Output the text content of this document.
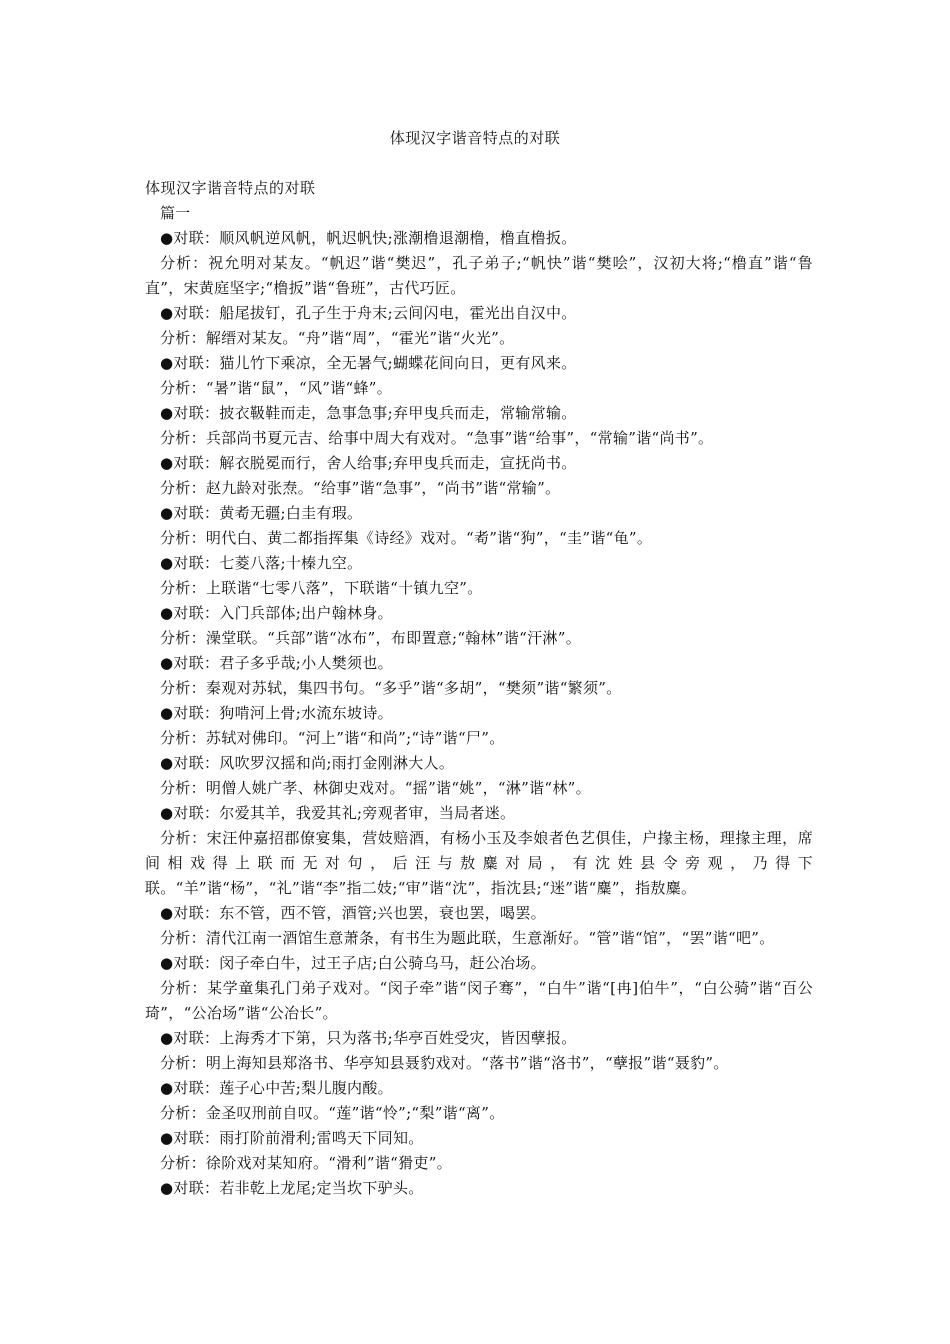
体现汉字谐音特点的对联
体现汉字谐音特点的对联
篇一
●对联：顺风帆逆风帆，帆迟帆快;涨潮橹退潮橹，橹直橹扳。
分析：祝允明对某友。“帆迟”谐“樊迟”，孔子弟子;“帆快”谐“樊哙”，汉初大将;“橹直”谐“鲁直”，宋黄庭坚字;“橹扳”谐“鲁班”，古代巧匠。
●对联：船尾拔钉，孔子生于舟末;云间闪电，霍光出自汉中。
分析：解缙对某友。“舟”谐“周”，“霍光”谐“火光”。
●对联：猫儿竹下乘凉，全无暑气;蝴蝶花间向日，更有风来。
分析：“暑”谐“鼠”，“风”谐“蜂”。
●对联：披衣靸鞋而走，急事急事;弃甲曳兵而走，常输常输。
分析：兵部尚书夏元吉、给事中周大有戏对。“急事”谐“给事”，“常输”谐“尚书”。
●对联：解衣脱冕而行，舍人给事;弃甲曳兵而走，宣抚尚书。
分析：赵九龄对张焘。“给事”谐“急事”，“尚书”谐“常输”。
●对联：黄耇无疆;白圭有瑕。
分析：明代白、黄二都指挥集《诗经》戏对。“耇”谐“狗”，“圭”谐“龟”。
●对联：七菱八落;十榛九空。
分析：上联谐“七零八落”，下联谐“十镇九空”。
●对联：入门兵部体;出户翰林身。
分析：澡堂联。“兵部”谐“冰布”，布即置意;“翰林”谐“汗淋”。
●对联：君子多乎哉;小人樊须也。
分析：秦观对苏轼，集四书句。“多乎”谐“多胡”，“樊须”谐“繁须”。
●对联：狗啃河上骨;水流东坡诗。
分析：苏轼对佛印。“河上”谐“和尚”;“诗”谐“尸”。
●对联：风吹罗汉摇和尚;雨打金刚淋大人。
分析：明僧人姚广孝、林御史戏对。“摇”谐“姚”，“淋”谐“林”。
●对联：尔爱其羊，我爱其礼;旁观者审，当局者迷。
分析：宋汪仲嘉招郡僚宴集，营妓赔酒，有杨小玉及李娘者色艺俱佳，户掾主杨，理掾主理，席间相戏得上联而无对句，后汪与敖麋对局，有沈姓县令旁观，乃得下联。“羊”谐“杨”，“礼”谐“李”指二妓;“审”谐“沈”，指沈县;“迷”谐“麋”，指敖麋。
●对联：东不管，西不管，酒管;兴也罢，衰也罢，喝罢。
分析：清代江南一酒馆生意萧条，有书生为题此联，生意渐好。“管”谐“馆”，“罢”谐“吧”。
●对联：闵子牵白牛，过王子店;白公骑乌马，赶公冶场。
分析：某学童集孔门弟子戏对。“闵子牵”谐“闵子骞”，“白牛”谐“[冉]伯牛”，“白公骑”谐“百公琦”，“公冶场”谐“公冶长”。
●对联：上海秀才下第，只为落书;华亭百姓受灾，皆因孽报。
分析：明上海知县郑洛书、华亭知县聂豹戏对。“落书”谐“洛书”，“孽报”谐“聂豹”。
●对联：莲子心中苦;梨儿腹内酸。
分析：金圣叹刑前自叹。“莲”谐“怜”;“梨”谐“离”。
●对联：雨打阶前滑利;雷鸣天下同知。
分析：徐阶戏对某知府。“滑利”谐“猾吏”。
●对联：若非乾上龙尾;定当坎下驴头。
